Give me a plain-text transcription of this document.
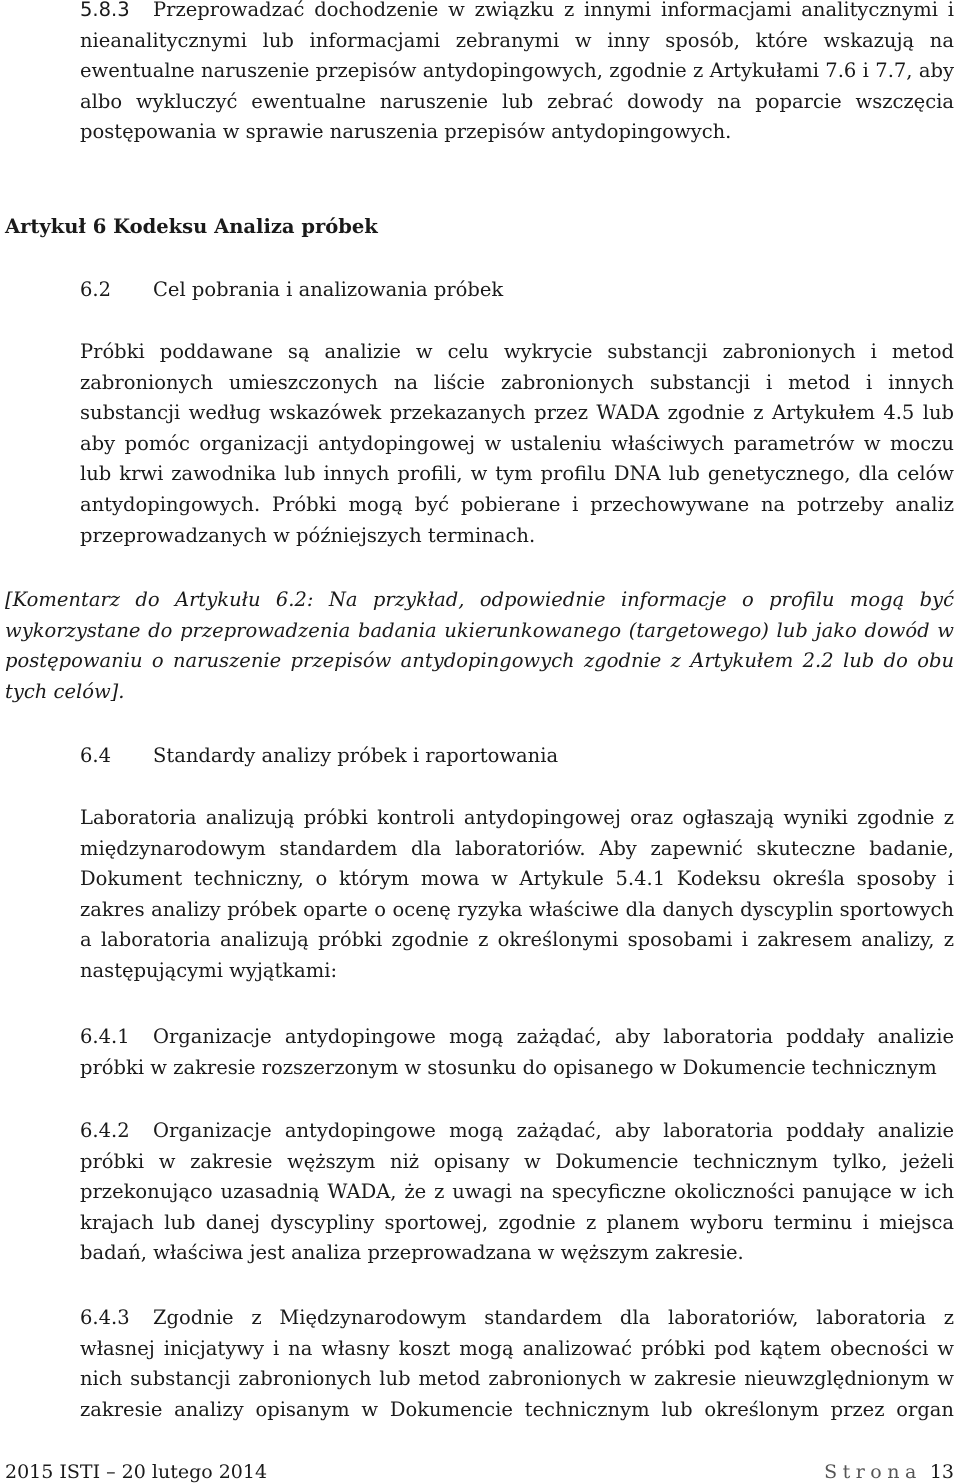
5.8.3	Przeprowadzać dochodzenie w związku z innymi informacjami analitycznymi i nieanalitycznymi lub informacjami zebranymi w inny sposób, które wskazują na ewentualne naruszenie przepisów antydopingowych, zgodnie z Artykułami 7.6 i 7.7, aby albo wykluczyć ewentualne naruszenie lub zebrać dowody na poparcie wszczęcia postępowania w sprawie naruszenia przepisów antydopingowych.
Artykuł 6 Kodeksu Analiza próbek
6.2 Cel pobrania i analizowania próbek
Próbki poddawane są analizie w celu wykrycie substancji zabronionych i metod zabronionych umieszczonych na liście zabronionych substancji i metod i innych substancji według wskazówek przekazanych przez WADA zgodnie z Artykułem 4.5 lub aby pomóc organizacji antydopingowej w ustaleniu właściwych parametrów w moczu lub krwi zawodnika lub innych profili, w tym profilu DNA lub genetycznego, dla celów antydopingowych. Próbki mogą być pobierane i przechowywane na potrzeby analiz przeprowadzanych w późniejszych terminach.
[Komentarz do Artykułu 6.2: Na przykład, odpowiednie informacje o profilu mogą być wykorzystane do przeprowadzenia badania ukierunkowanego (targetowego) lub jako dowód w postępowaniu o naruszenie przepisów antydopingowych zgodnie z Artykułem 2.2 lub do obu tych celów].
6.4 Standardy analizy próbek i raportowania
Laboratoria analizują próbki kontroli antydopingowej oraz ogłaszają wyniki zgodnie z międzynarodowym standardem dla laboratoriów. Aby zapewnić skuteczne badanie, Dokument techniczny, o którym mowa w Artykule 5.4.1 Kodeksu określa sposoby i zakres analizy próbek oparte o ocenę ryzyka właściwe dla danych dyscyplin sportowych a laboratoria analizują próbki zgodnie z określonymi sposobami i zakresem analizy, z następującymi wyjątkami:
6.4.1	Organizacje antydopingowe mogą zażądać, aby laboratoria poddały analizie próbki w zakresie rozszerzonym w stosunku do opisanego w Dokumencie technicznym
6.4.2	Organizacje antydopingowe mogą zażądać, aby laboratoria poddały analizie próbki w zakresie węższym niż opisany w Dokumencie technicznym tylko, jeżeli przekonująco uzasadnią WADA, że z uwagi na specyficzne okoliczności panujące w ich krajach lub danej dyscypliny sportowej, zgodnie z planem wyboru terminu i miejsca badań, właściwa jest analiza przeprowadzana w węższym zakresie.
6.4.3	Zgodnie z Międzynarodowym standardem dla laboratoriów, laboratoria z własnej inicjatywy i na własny koszt mogą analizować próbki pod kątem obecności w nich substancji zabronionych lub metod zabronionych w zakresie nieuwzględnionym w zakresie analizy opisanym w Dokumencie technicznym lub określonym przez organ
2015 ISTI – 20 lutego 2014	Strona 13
